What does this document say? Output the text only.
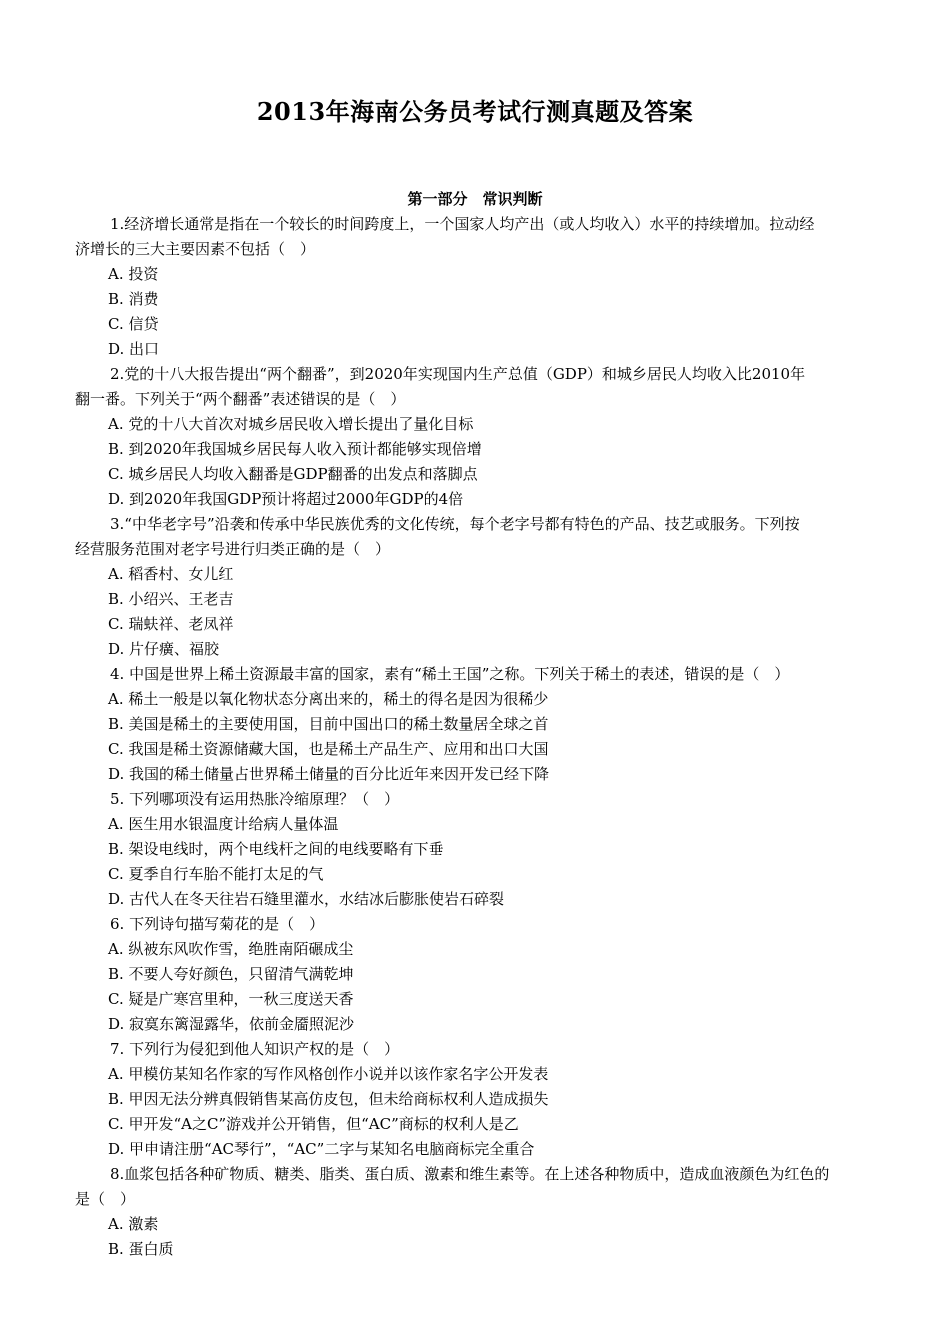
2013年海南公务员考试行测真题及答案
第一部分　常识判断
1.经济增长通常是指在一个较长的时间跨度上，一个国家人均产出（或人均收入）水平的持续增加。拉动经
济增长的三大主要因素不包括（　）
A. 投资
B. 消费
C. 信贷
D. 出口
2.党的十八大报告提出“两个翻番”，到2020年实现国内生产总值（GDP）和城乡居民人均收入比2010年
翻一番。下列关于“两个翻番”表述错误的是（　）
A. 党的十八大首次对城乡居民收入增长提出了量化目标
B. 到2020年我国城乡居民每人收入预计都能够实现倍增
C. 城乡居民人均收入翻番是GDP翻番的出发点和落脚点
D. 到2020年我国GDP预计将超过2000年GDP的4倍
3.“中华老字号”沿袭和传承中华民族优秀的文化传统，每个老字号都有特色的产品、技艺或服务。下列按
经营服务范围对老字号进行归类正确的是（　）
A. 稻香村、女儿红
B. 小绍兴、王老吉
C. 瑞蚨祥、老凤祥
D. 片仔癀、福胶
4. 中国是世界上稀土资源最丰富的国家，素有“稀土王国”之称。下列关于稀土的表述，错误的是（　）
A. 稀土一般是以氧化物状态分离出来的，稀土的得名是因为很稀少
B. 美国是稀土的主要使用国，目前中国出口的稀土数量居全球之首
C. 我国是稀土资源储藏大国，也是稀土产品生产、应用和出口大国
D. 我国的稀土储量占世界稀土储量的百分比近年来因开发已经下降
5. 下列哪项没有运用热胀冷缩原理？（　）
A. 医生用水银温度计给病人量体温
B. 架设电线时，两个电线杆之间的电线要略有下垂
C. 夏季自行车胎不能打太足的气
D. 古代人在冬天往岩石缝里灌水，水结冰后膨胀使岩石碎裂
6. 下列诗句描写菊花的是（　）
A. 纵被东风吹作雪，绝胜南陌碾成尘
B. 不要人夸好颜色，只留清气满乾坤
C. 疑是广寒宫里种，一秋三度送天香
D. 寂寞东篱湿露华，依前金靥照泥沙
7. 下列行为侵犯到他人知识产权的是（　）
A. 甲模仿某知名作家的写作风格创作小说并以该作家名字公开发表
B. 甲因无法分辨真假销售某高仿皮包，但未给商标权利人造成损失
C. 甲开发“A之C”游戏并公开销售，但“AC”商标的权利人是乙
D. 甲申请注册“AC琴行”，“AC”二字与某知名电脑商标完全重合
8.血浆包括各种矿物质、糖类、脂类、蛋白质、激素和维生素等。在上述各种物质中，造成血液颜色为红色的
是（　）
A. 激素
B. 蛋白质
